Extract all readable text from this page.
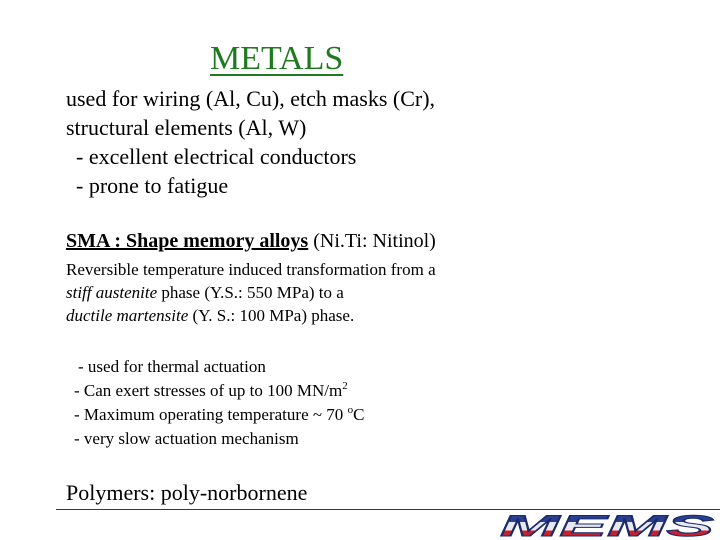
METALS
used for wiring (Al, Cu), etch masks (Cr),
structural elements (Al, W)
- excellent electrical conductors
- prone to fatigue
SMA : Shape memory alloys (Ni.Ti: Nitinol)
Reversible temperature induced transformation from a
stiff austenite phase (Y.S.: 550 MPa) to a
ductile martensite (Y. S.: 100 MPa) phase.
- used for thermal actuation
- Can exert stresses of up to 100 $MN/m^2$
- Maximum operating temperature ~ 70 $^o$C
- very slow actuation mechanism
Polymers: poly-norbornene
MEMS
